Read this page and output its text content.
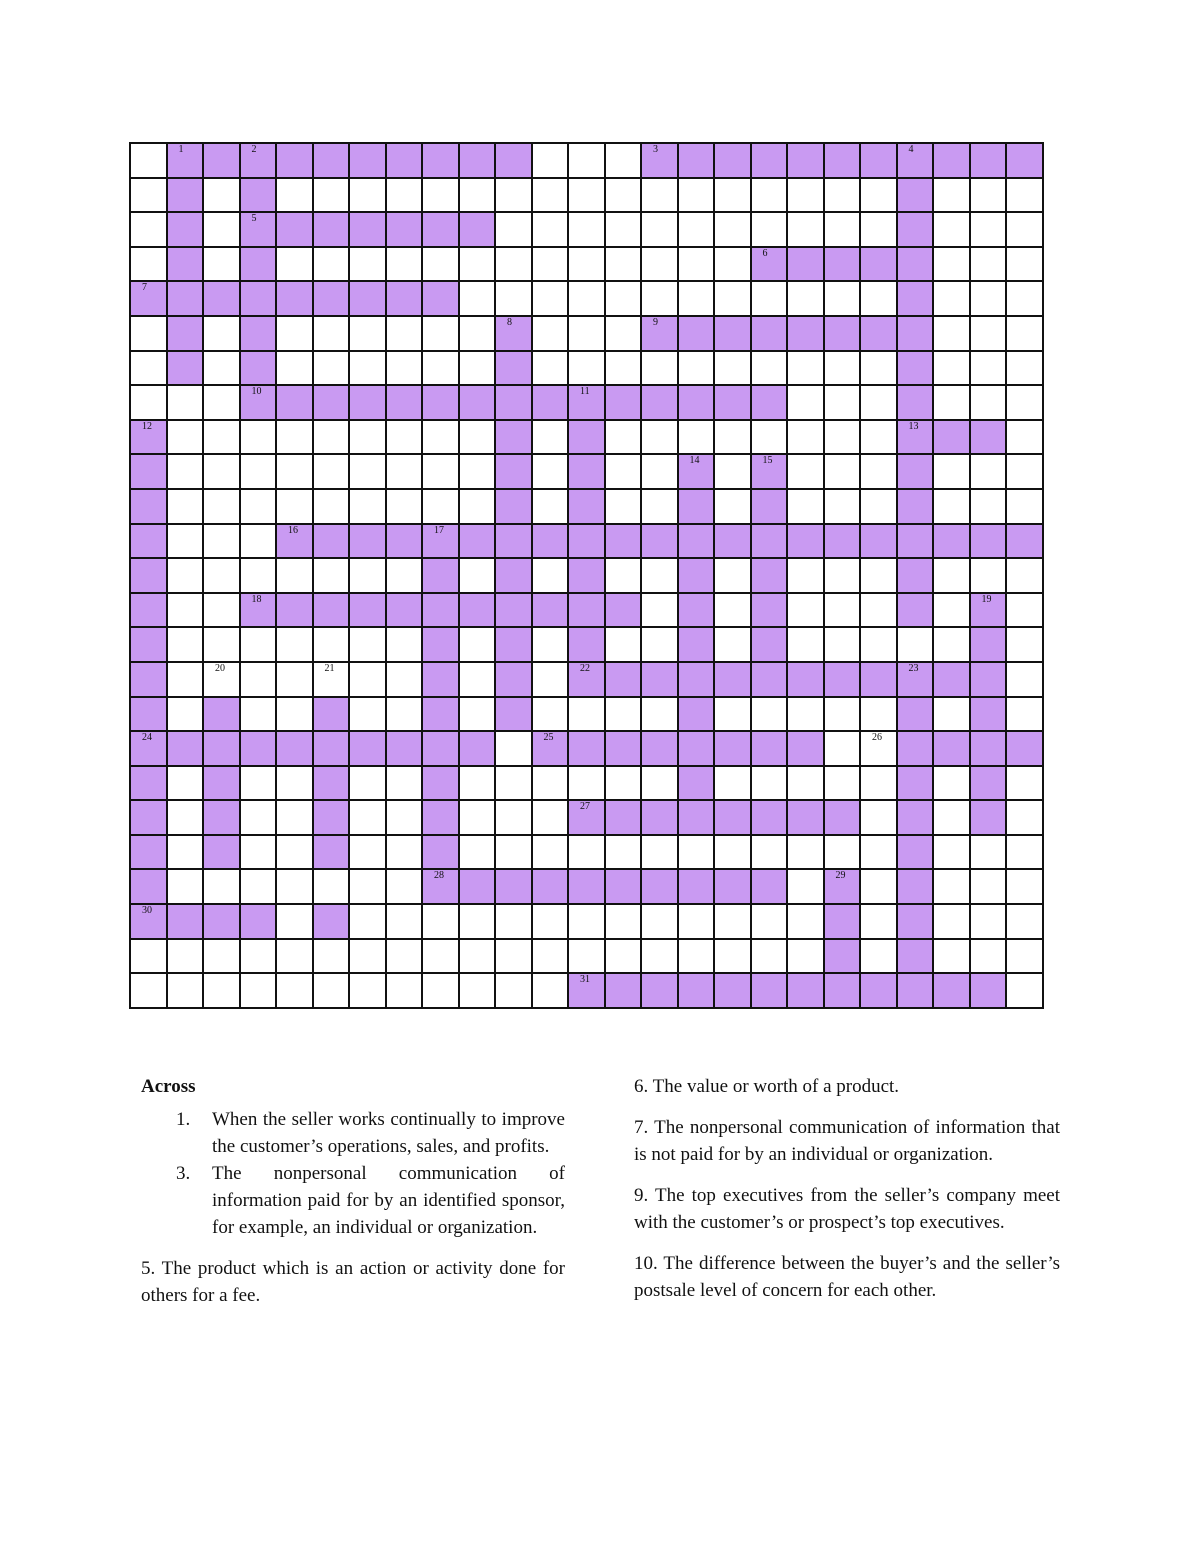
1	2	3	4
5
6
7
8	9
10	11
12	13
14	15
16	17
18	19
20	21	22	23
24	25	26
27
28	29
30
31
Across
1.	When the seller works continually to improve the customer’s operations, sales, and profits.
3.	The nonpersonal communication of information paid for by an identified sponsor, for example, an individual or organization.
5. The product which is an action or activity done for others for a fee.
6. The value or worth of a product.
7. The nonpersonal communication of information that is not paid for by an individual or organization.
9. The top executives from the seller’s company meet with the customer’s or prospect’s top executives.
10. The difference between the buyer’s and the seller’s postsale level of concern for each other.
